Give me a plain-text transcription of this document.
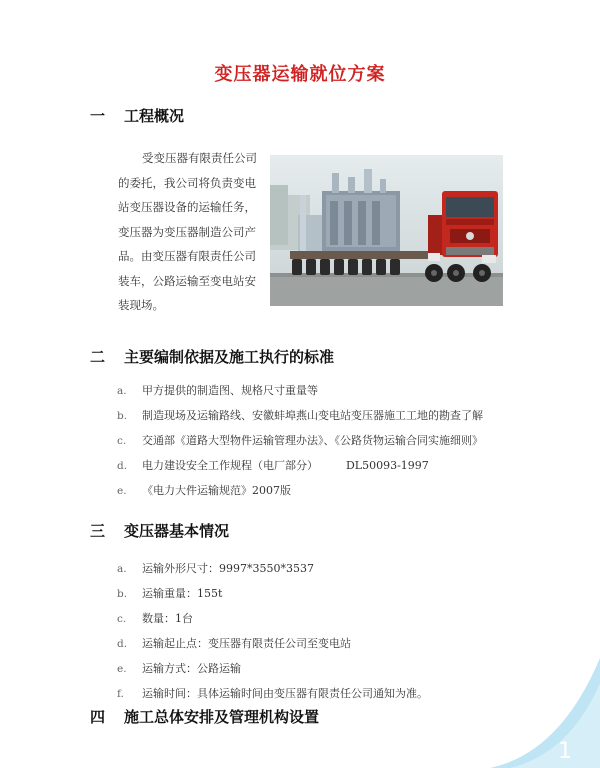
变压器运输就位方案
一 工程概况
受变压器有限责任公司的委托，我公司将负责变电站变压器设备的运输任务，变压器为变压器制造公司产品。由变压器有限责任公司装车，公路运输至变电站安装现场。
二 主要编制依据及施工执行的标准
a. 甲方提供的制造图、规格尺寸重量等
b. 制造现场及运输路线、安徽蚌埠燕山变电站变压器施工工地的勘查了解
c. 交通部《道路大型物件运输管理办法》、《公路货物运输合同实施细则》
d. 电力建设安全工作规程（电厂部分）        DL50093-1997
e. 《电力大件运输规范》2007版
三 变压器基本情况
a. 运输外形尺寸：9997*3550*3537
b. 运输重量：155t
c. 数量：1台
d. 运输起止点：变压器有限责任公司至变电站
e. 运输方式：公路运输
f. 运输时间：具体运输时间由变压器有限责任公司通知为准。
四 施工总体安排及管理机构设置
1
